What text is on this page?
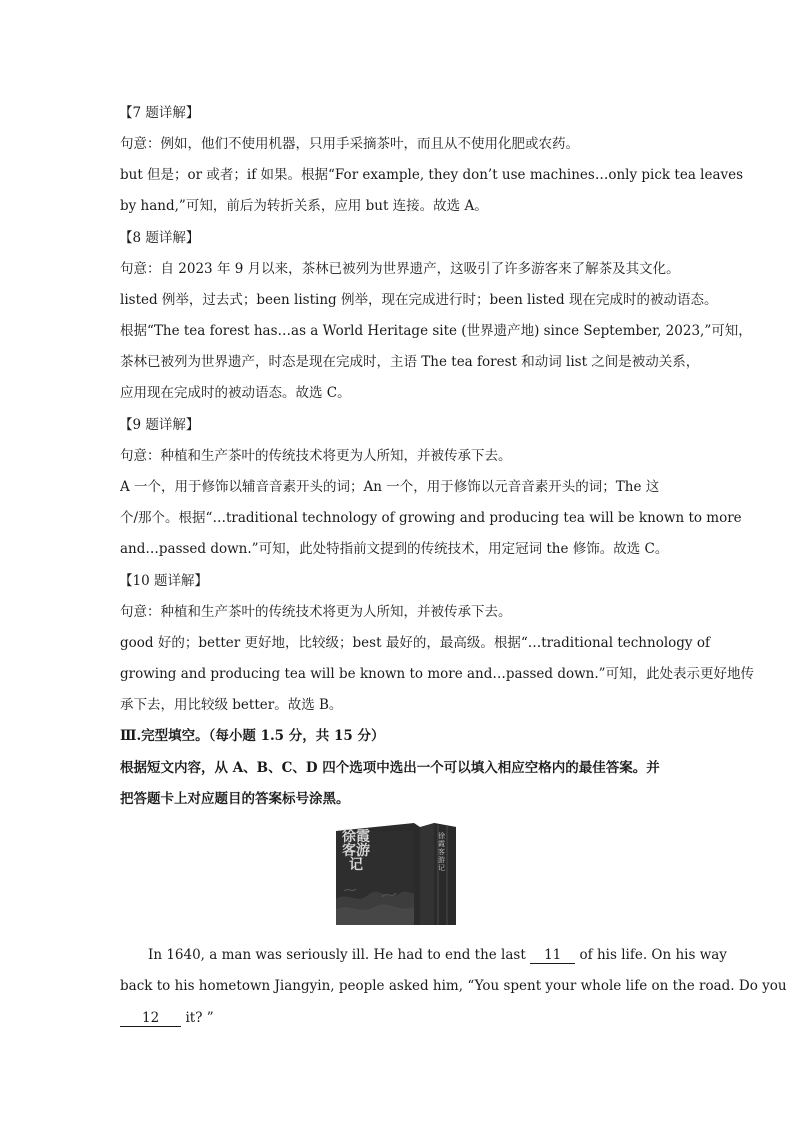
【7 题详解】
句意：例如，他们不使用机器，只用手采摘茶叶，而且从不使用化肥或农药。
but 但是；or 或者；if 如果。根据“For example, they don’t use machines…only pick tea leaves
by hand,”可知，前后为转折关系，应用 but 连接。故选 A。
【8 题详解】
句意：自 2023 年 9 月以来，茶林已被列为世界遗产，这吸引了许多游客来了解茶及其文化。
listed 例举，过去式；been listing 例举，现在完成进行时；been listed 现在完成时的被动语态。
根据“The tea forest has…as a World Heritage site (世界遗产地) since September, 2023,”可知，
茶林已被列为世界遗产，时态是现在完成时，主语 The tea forest 和动词 list 之间是被动关系，
应用现在完成时的被动语态。故选 C。
【9 题详解】
句意：种植和生产茶叶的传统技术将更为人所知，并被传承下去。
A 一个，用于修饰以辅音音素开头的词；An 一个，用于修饰以元音音素开头的词；The 这
个/那个。根据“…traditional technology of growing and producing tea will be known to more
and…passed down.”可知，此处特指前文提到的传统技术，用定冠词 the 修饰。故选 C。
【10 题详解】
句意：种植和生产茶叶的传统技术将更为人所知，并被传承下去。
good 好的；better 更好地，比较级；best 最好的，最高级。根据“…traditional technology of
growing and producing tea will be known to more and…passed down.”可知，此处表示更好地传
承下去，用比较级 better。故选 B。
Ⅲ.完型填空。（每小题 1.5 分，共 15 分）
根据短文内容，从 A、B、C、D 四个选项中选出一个可以填入相应空格内的最佳答案。并
把答题卡上对应题目的答案标号涂黑。
徐霞客游记
徐霞客游记
In 1640, a man was seriously ill. He had to end the last 11 of his life. On his way
back to his hometown Jiangyin, people asked him, “You spent your whole life on the road. Do you
12 it? ”
